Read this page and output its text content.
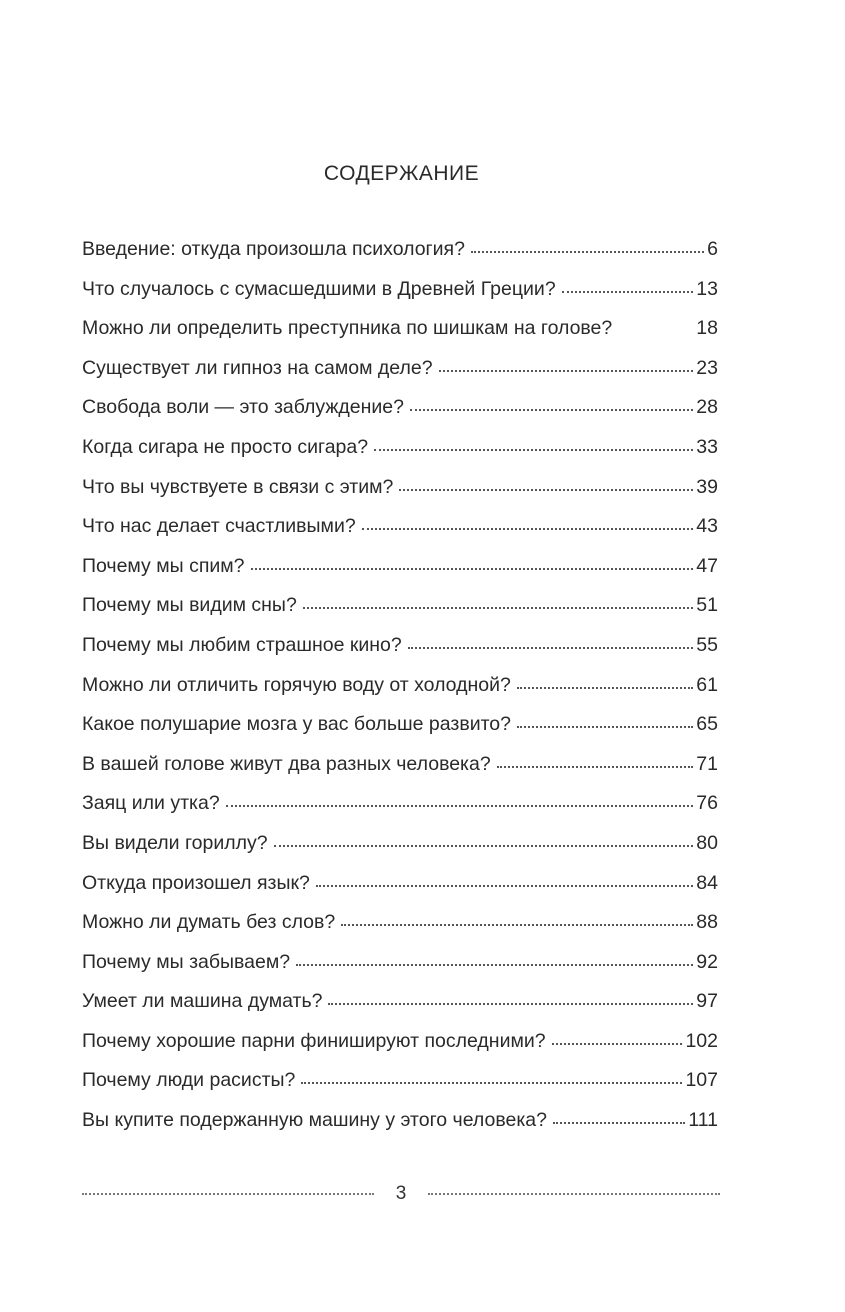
СОДЕРЖАНИЕ
Введение: откуда произошла психология?	6
Что случалось с сумасшедшими в Древней Греции?	13
Можно ли определить преступника по шишкам на голове?	18
Существует ли гипноз на самом деле?	23
Свобода воли — это заблуждение?	28
Когда сигара не просто сигара?	33
Что вы чувствуете в связи с этим?	39
Что нас делает счастливыми?	43
Почему мы спим?	47
Почему мы видим сны?	51
Почему мы любим страшное кино?	55
Можно ли отличить горячую воду от холодной?	61
Какое полушарие мозга у вас больше развито?	65
В вашей голове живут два разных человека?	71
Заяц или утка?	76
Вы видели гориллу?	80
Откуда произошел язык?	84
Можно ли думать без слов?	88
Почему мы забываем?	92
Умеет ли машина думать?	97
Почему хорошие парни финишируют последними?	102
Почему люди расисты?	107
Вы купите подержанную машину у этого человека?	111
3
